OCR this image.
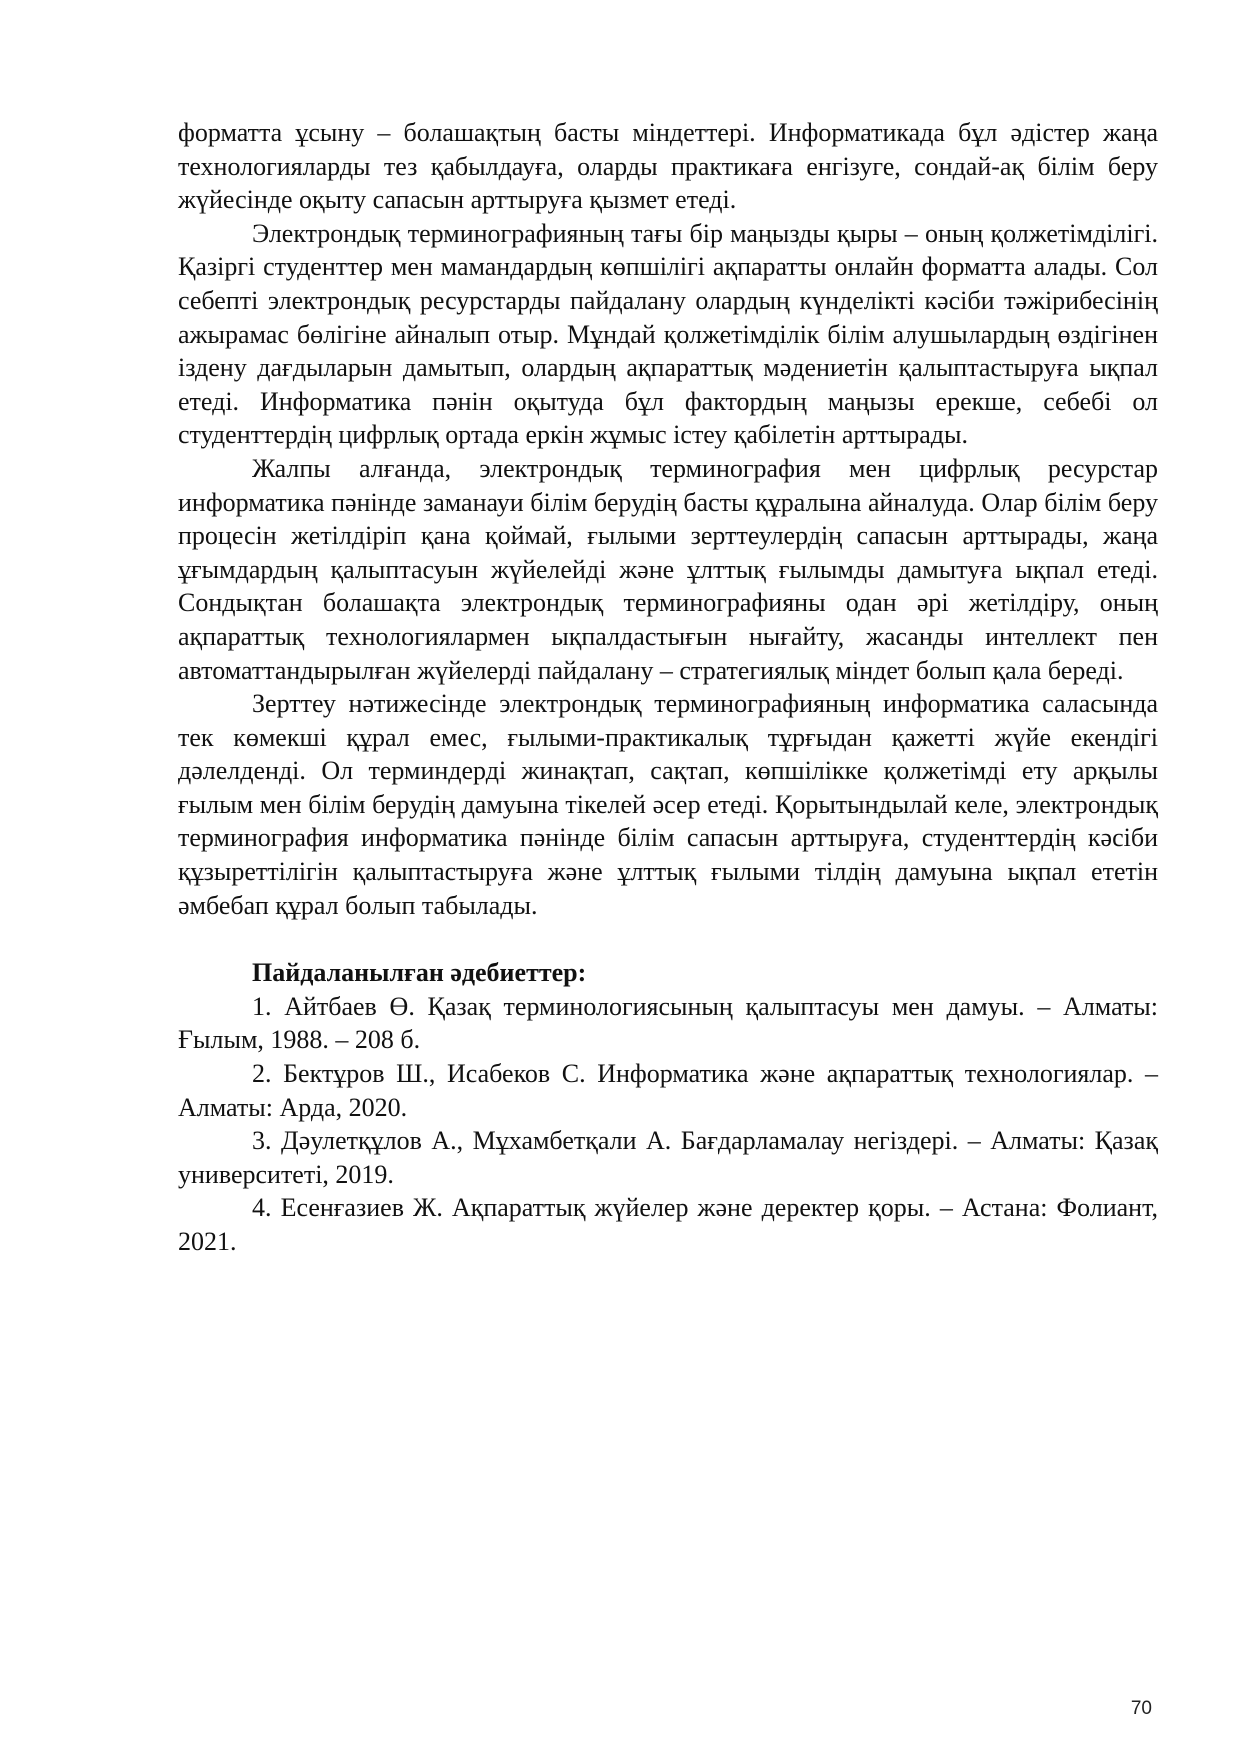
форматта ұсыну – болашақтың басты міндеттері. Информатикада бұл әдістер жаңа технологияларды тез қабылдауға, оларды практикаға енгізуге, сондай-ақ білім беру жүйесінде оқыту сапасын арттыруға қызмет етеді.

Электрондық терминографияның тағы бір маңызды қыры – оның қолжетімділігі. Қазіргі студенттер мен мамандардың көпшілігі ақпаратты онлайн форматта алады. Сол себепті электрондық ресурстарды пайдалану олардың күнделікті кәсіби тәжірибесінің ажырамас бөлігіне айналып отыр. Мұндай қолжетімділік білім алушылардың өздігінен іздену дағдыларын дамытып, олардың ақпараттық мәдениетін қалыптастыруға ықпал етеді. Информатика пәнін оқытуда бұл фактордың маңызы ерекше, себебі ол студенттердің цифрлық ортада еркін жұмыс істеу қабілетін арттырады.

Жалпы алғанда, электрондық терминография мен цифрлық ресурстар информатика пәнінде заманауи білім берудің басты құралына айналуда. Олар білім беру процесін жетілдіріп қана қоймай, ғылыми зерттеулердің сапасын арттырады, жаңа ұғымдардың қалыптасуын жүйелейді және ұлттық ғылымды дамытуға ықпал етеді. Сондықтан болашақта электрондық терминографияны одан әрі жетілдіру, оның ақпараттық технологиялармен ықпалдастығын нығайту, жасанды интеллект пен автоматтандырылған жүйелерді пайдалану – стратегиялық міндет болып қала береді.

Зерттеу нәтижесінде электрондық терминографияның информатика саласында тек көмекші құрал емес, ғылыми-практикалық тұрғыдан қажетті жүйе екендігі дәлелденді. Ол терминдерді жинақтап, сақтап, көпшілікке қолжетімді ету арқылы ғылым мен білім берудің дамуына тікелей әсер етеді. Қорытындылай келе, электрондық терминография информатика пәнінде білім сапасын арттыруға, студенттердің кәсіби құзыреттілігін қалыптастыруға және ұлттық ғылыми тілдің дамуына ықпал ететін әмбебап құрал болып табылады.

Пайдаланылған әдебиеттер:

1. Айтбаев Ө. Қазақ терминологиясының қалыптасуы мен дамуы. – Алматы: Ғылым, 1988. – 208 б.

2. Бектұров Ш., Исабеков С. Информатика және ақпараттық технологиялар. – Алматы: Арда, 2020.

3. Дәулетқұлов А., Мұхамбетқали А. Бағдарламалау негіздері. – Алматы: Қазақ университеті, 2019.

4. Есенғазиев Ж. Ақпараттық жүйелер және деректер қоры. – Астана: Фолиант, 2021.

70
